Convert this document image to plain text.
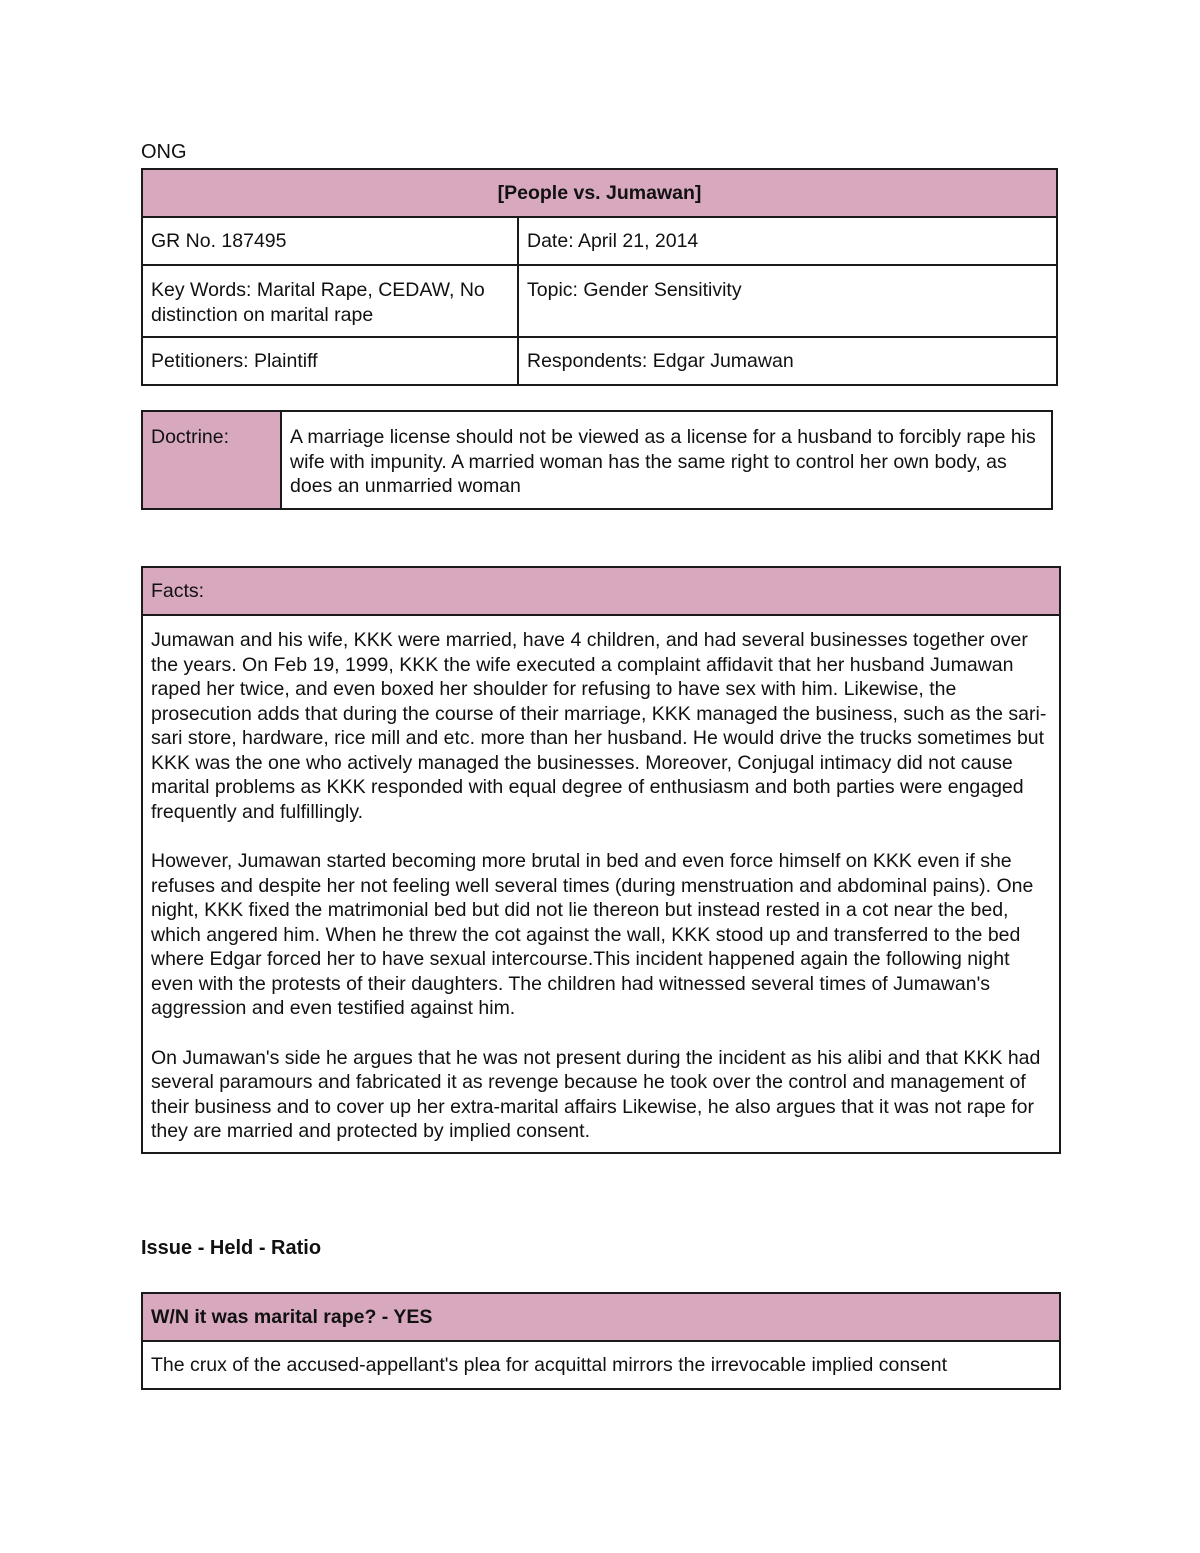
ONG
[People vs. Jumawan]	
GR No. 187495	Date: April 21, 2014
Key Words: Marital Rape, CEDAW, No distinction on marital rape	Topic: Gender Sensitivity
Petitioners: Plaintiff	Respondents: Edgar Jumawan
Doctrine:	A marriage license should not be viewed as a license for a husband to forcibly rape his wife with impunity. A married woman has the same right to control her own body, as does an unmarried woman
Facts:

Jumawan and his wife, KKK were married, have 4 children, and had several businesses together over the years. On Feb 19, 1999, KKK the wife executed a complaint affidavit that her husband Jumawan raped her twice, and even boxed her shoulder for refusing to have sex with him. Likewise, the prosecution adds that during the course of their marriage, KKK managed the business, such as the sari-sari store, hardware, rice mill and etc. more than her husband. He would drive the trucks sometimes but KKK was the one who actively managed the businesses. Moreover, Conjugal intimacy did not cause marital problems as KKK responded with equal degree of enthusiasm and both parties were engaged frequently and fulfillingly.

However, Jumawan started becoming more brutal in bed and even force himself on KKK even if she refuses and despite her not feeling well several times (during menstruation and abdominal pains). One night, KKK fixed the matrimonial bed but did not lie thereon but instead rested in a cot near the bed, which angered him. When he threw the cot against the wall, KKK stood up and transferred to the bed where Edgar forced her to have sexual intercourse.This incident happened again the following night even with the protests of their daughters. The children had witnessed several times of Jumawan's aggression and even testified against him.

On Jumawan's side he argues that he was not present during the incident as his alibi and that KKK had several paramours and fabricated it as revenge because he took over the control and management of their business and to cover up her extra-marital affairs Likewise, he also argues that it was not rape for they are married and protected by implied consent.

Issue - Held - Ratio
W/N it was marital rape? - YES
The crux of the accused-appellant's plea for acquittal mirrors the irrevocable implied consent
